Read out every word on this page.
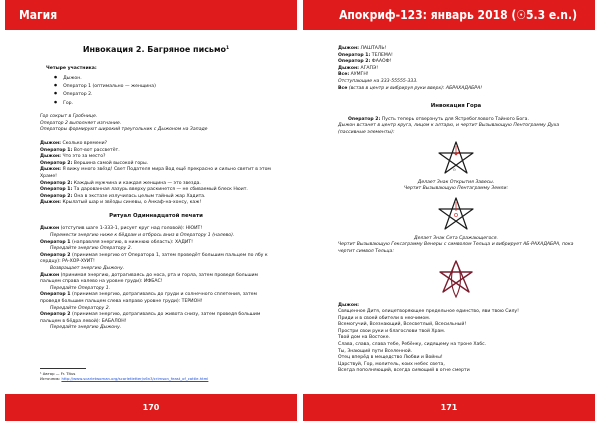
Магия
Инвокация 2. Багряное письмо$^1$
Четыре участника:
● Дыжон.
● Оператор 1 (оптимально — женщина)
● Оператор 2.
● Гор.
Гор сокрыт в Гробнице.
Оператор 2 выполняет изгнание.
Операторы формируют широкий треугольник с Дыжоном на Западе
Дыжон: Сколько времени?
Оператор 1: Вот-вот рассветёт.
Дыжон: Что это за место?
Оператор 2: Вершина самой высокой горы.
Дыжон: Я вижу много звёзд! Свет Подателя мира Вод ещё прекрасно и сильно светит в этом Храме!
Оператор 2: Каждый мужчина и каждая женщина — это звезда.
Оператор 1: Та дарованная лазурь вверху раскинется — не сбиваемый блеск Нюит.
Оператор 2: Она в экстазе излучилась целым тайный жар Хадита.
Дыжон: Крылатый шар и звёзды синевы, о Анкаф-на-хонсу, каж!
Ритуал Одиннадцатой печати
Дыжон (отступив шаге 1-333-1, рисует круг над головой): НЮИТ!
Перемести энергию ниже к бёдрам и отбрось вниз в Оператору 1 (налево).
Оператор 1 (направляя энергию, в нижнюю область): ХАДИТ!
Передайте энергию Оператору 2.
Оператор 2 (принимая энергию от Оператора 1, затем проведёт большим пальцем по лбу к сердцу): РА-ХОР-ХУИТ!
Возвращает энергию Дыжону.
Дыжон (принимая энергию, дотрагиваясь до носа, рта и горла, затем проведя большим пальцем справа налево на уровне груди): ИФБАС!
Передайте Оператору 1.
Оператор 1 (принимая энергию, дотрагиваясь до груди и солнечного сплетения, затем проведя большим пальцем слева направо уровне груди): ТЕРИОН!
Передайте Оператору 2.
Оператор 2 (принимая энергию, дотрагиваясь до живота снизу, затем проведя большим пальцем в бёдра левой): БАБАЛОН!
Передайте энергию Дыжону.
¹ Автор — Fr. Titus
Источник: http://www.scarletwoman.org/scarletletter/v6n3/crimson_feast_of_cattle.html
170
Апокриф-123: январь 2018 (☉5.3 e.n.)
Дыжон: ЛАШТАЛЬ!
Оператор 1: ТЕЛЕМА!
Оператор 2: ФААОФ!
Дыжон: АГАПЭ!
Все: АУМГН!
Отступающие на 333-55555-333.
Все (встав в центр и вибрируя руки вверх): АБРАХАДАБРА!
Инвокация Гора
Оператор 2: Пусть теперь отверзнуть для Ястребоглового Тайного Бога.
Дыжон встанет в центр круга, лицом к алтарю, и чертит Вызывающую Пентограмму Духа (пассивные элементы):
ʘ
Делает Знак Открытия Завесы.
Чертит Вызывающую Пентаграмму Земли:
Делает Знак Сета Сражающегося.
Чертит Вызывающую Гексаграмму Венеры с символом Тельца и вибрирует АБ-РАХАДАБРА, пока чертит символ Тельца:
Дыжон:
Священное Дитя, олицетворяющее предельное единство, яви твою Силу!
Приди и в своей обители в неочимом.
Всемогучий, Всезнающий, Всесветлый, Всесильный!
Простри свои руки и благослови твой Храм.
Твой дом на Востоке.
Слава, слава, слава тебе, Ребёнку, сидящему на троне Хабс.
Ты, Знающий пути Вселенной.
Отец вперёд в мещедство Любви и Войны!
Царствуй, Гор, молитель, коих небес света,
Всегда пополняющий, всегда сияющий в огне смерти
171
